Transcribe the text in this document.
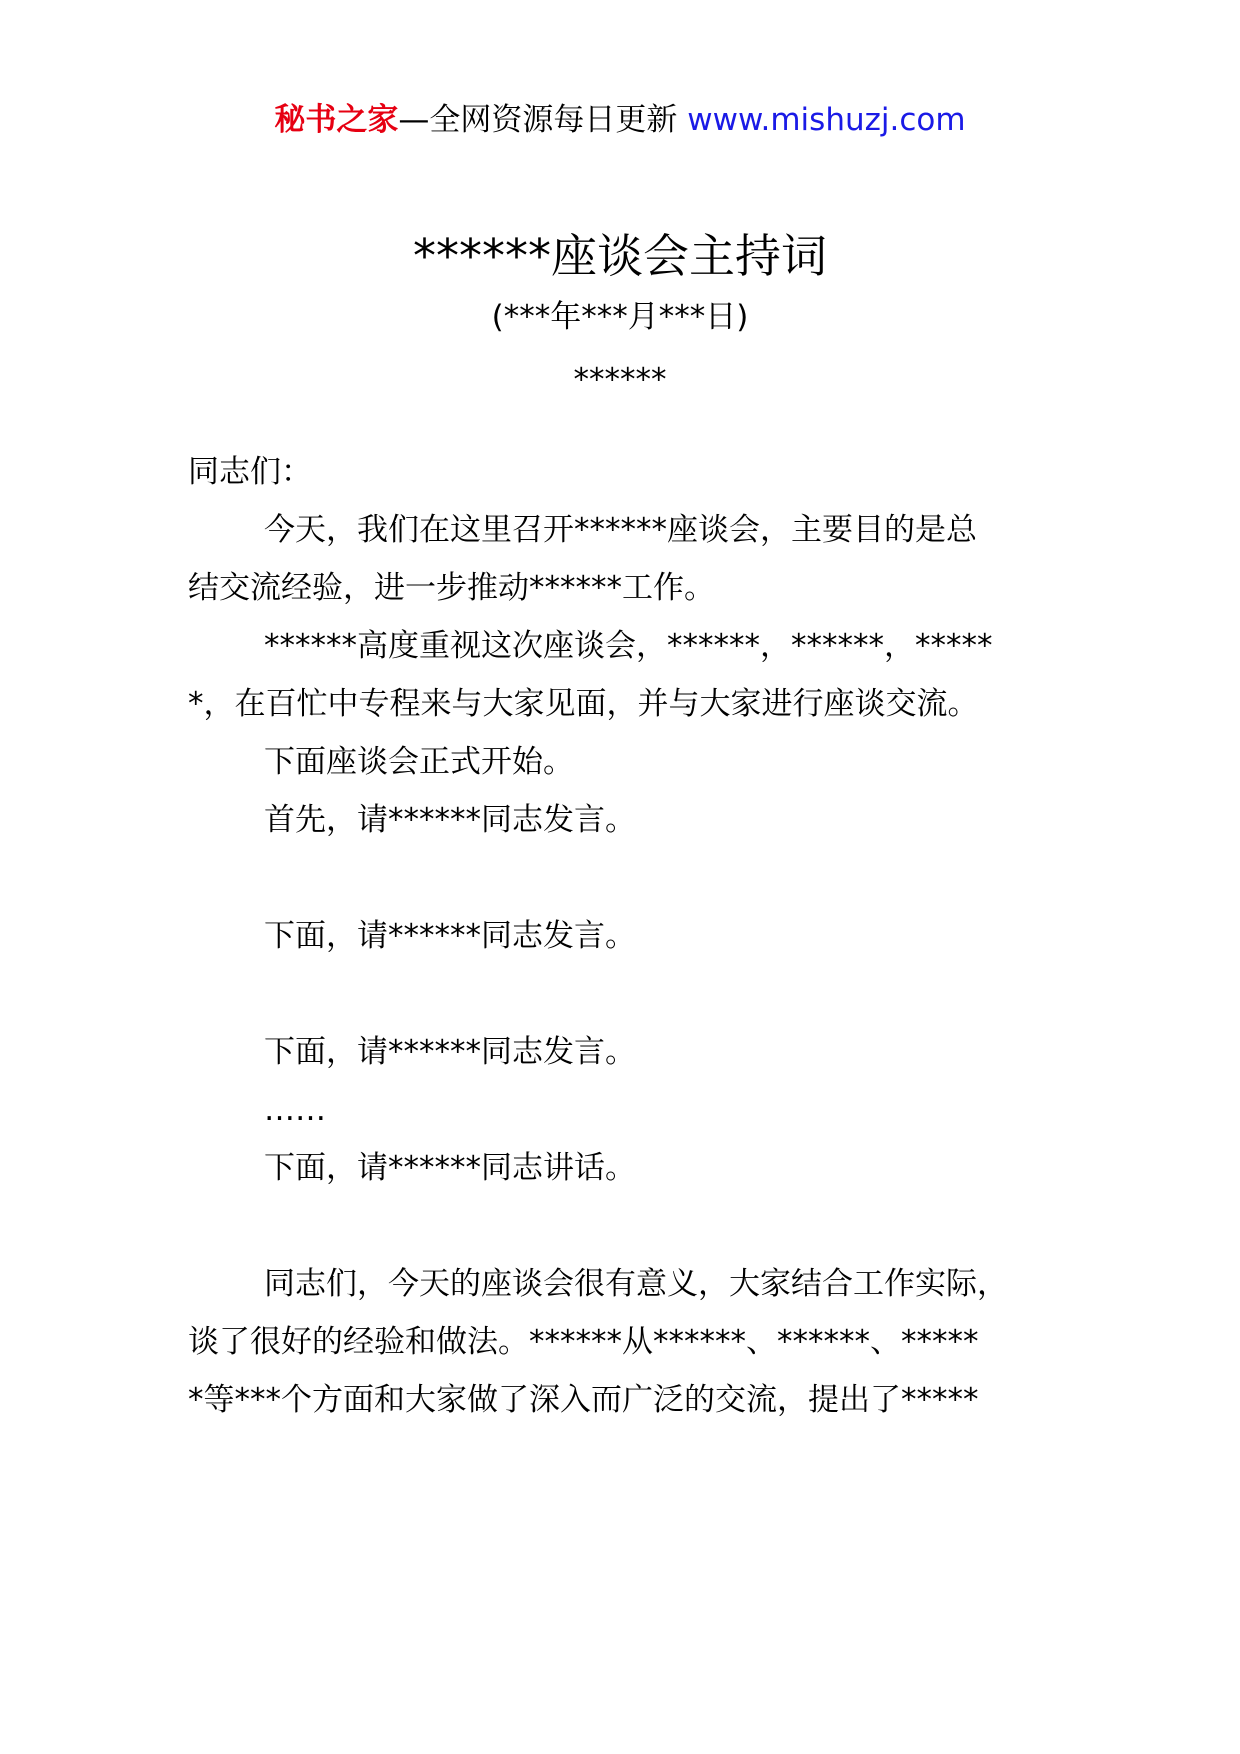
秘书之家—全网资源每日更新 www.mishuzj.com
******座谈会主持词
(***年***月***日)
******
同志们：
今天，我们在这里召开******座谈会，主要目的是总
结交流经验，进一步推动******工作。
******高度重视这次座谈会，******，******，*****
*，在百忙中专程来与大家见面，并与大家进行座谈交流。
下面座谈会正式开始。
首先，请******同志发言。
下面，请******同志发言。
下面，请******同志发言。
……
下面，请******同志讲话。
同志们，今天的座谈会很有意义，大家结合工作实际，
谈了很好的经验和做法。******从******、******、*****
*等***个方面和大家做了深入而广泛的交流，提出了*****
